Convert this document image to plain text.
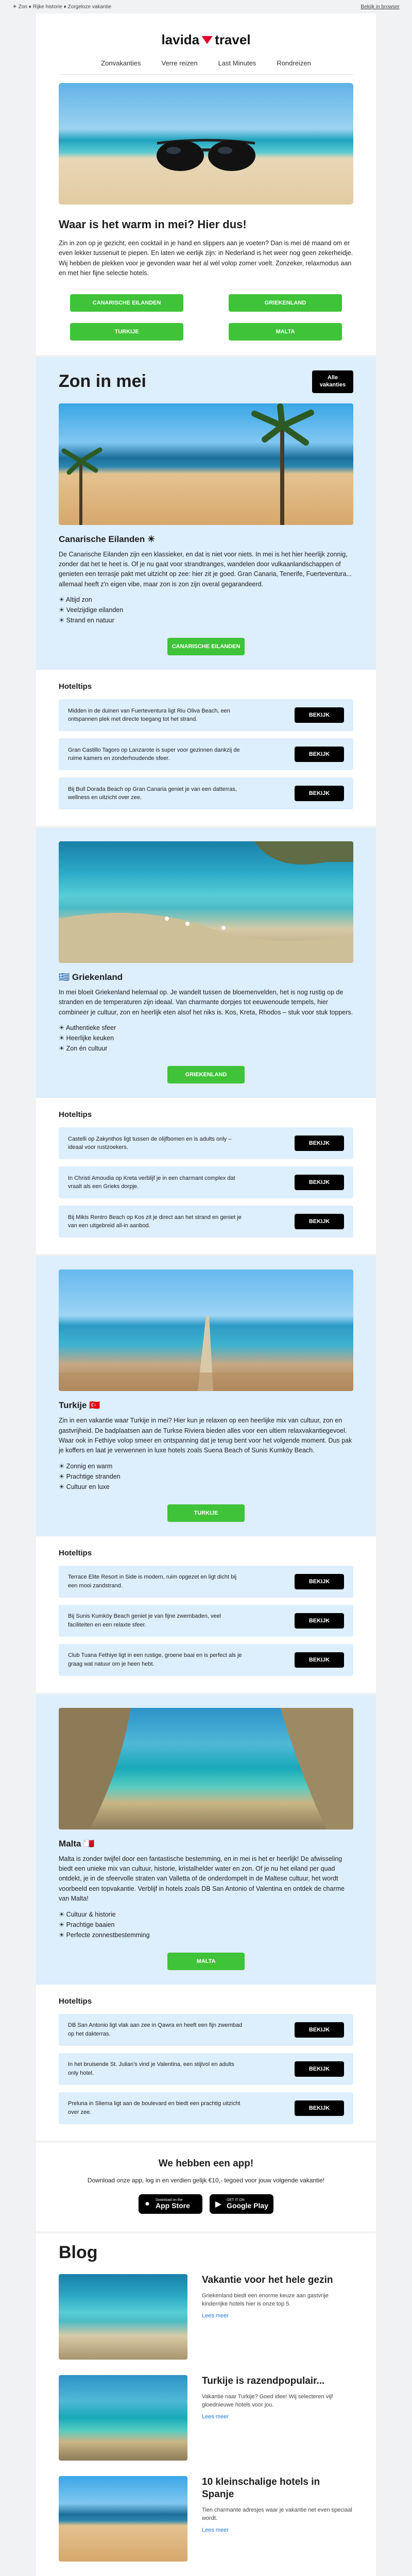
☀ Zon ♦ Rijke historie ♦ Zorgeloze vakantie	Bekijk in browser
lavida travel
Zonvakanties	Verre reizen	Last Minutes	Rondreizen
Waar is het warm in mei? Hier dus!

Zin in zon op je gezicht, een cocktail in je hand en slippers aan je voeten? Dan is mei dé maand om er even lekker tussenuit te piepen. En laten we eerlijk zijn: in Nederland is het weer nog geen zekerheidje. Wij hebben de plekken voor je gevonden waar het al wél volop zomer voelt. Zonzeker, relaxmodus aan en met hier fijne selectie hotels.

CANARISCHE EILANDEN	GRIEKENLAND
TURKIJE	MALTA
Zon in mei	Alle vakanties
Canarische Eilanden ☀

De Canarische Eilanden zijn een klassieker, en dat is niet voor niets. In mei is het hier heerlijk zonnig, zonder dat het te heet is. Of je nu gaat voor strandtranges, wandelen door vulkaanlandschappen of genieten een terrasje pakt met uitzicht op zee: hier zit je goed. Gran Canaria, Tenerife, Fuerteventura... allemaal heeft z'n eigen vibe, maar zon is zon zijn overal gegarandeerd.

☀ Altijd zon
☀ Veelzijdige eilanden
☀ Strand en natuur
CANARISCHE EILANDEN
Hoteltips

Midden in de duinen van Fuerteventura ligt Riu Oliva Beach, een ontspannen plek met directe toegang tot het strand.

BEKIJK

Gran Castillo Tagoro op Lanzarote is super voor gezinnen dankzij de ruime kamers en zonderhoudende sfeer.

BEKIJK

Bij Bull Dorada Beach op Gran Canaria geniet je van een datterras, wellness en uitzicht over zee.

BEKIJK
🇬🇷 Griekenland

In mei bloeit Griekenland helemaal op. Je wandelt tussen de bloemenvelden, het is nog rustig op de stranden en de temperaturen zijn ideaal. Van charmante dorpjes tot eeuwenoude tempels, hier combineer je cultuur, zon en heerlijk eten alsof het niks is. Kos, Kreta, Rhodos – stuk voor stuk toppers.

☀ Authentieke sfeer
☀ Heerlijke keuken
☀ Zon én cultuur
GRIEKENLAND
Hoteltips

Castelli op Zakynthos ligt tussen de olijfbomen en is adults only – ideaal voor rustzoekers.

BEKIJK

In Christi Amoudia op Kreta verblijf je in een charmant complex dat vraalt als een Grieks dorpje.

BEKIJK

Bij Mikis Rentro Beach op Kos zit je direct aan het strand en geniet je van een uitgebreid all-in aanbod.

BEKIJK
Turkije 🇹🇷

Zin in een vakantie waar Turkije in mei? Hier kun je relaxen op een heerlijke mix van cultuur, zon en gastvrijheid. De badplaatsen aan de Turkse Riviera bieden alles voor een ultiem relaxvakantiegevoel. Waar ook in Fethiye volop smeer en ontspanning dat je terug bent voor het volgende moment. Dus pak je koffers en laat je verwennen in luxe hotels zoals Suena Beach of Sunis Kumköy Beach.

☀ Zonnig en warm
☀ Prachtige stranden
☀ Cultuur en luxe
TURKIJE
Hoteltips

Terrace Elite Resort in Side is modern, ruim opgezet en ligt dicht bij een mooi zandstrand.

BEKIJK

Bij Sunis Kumköy Beach geniet je van fijne zwembaden, veel faciliteiten en een relaxte sfeer.

BEKIJK

Club Tuana Fethiye ligt in een rustige, groene baai en is perfect als je graag wat natuur om je heen hebt.

BEKIJK
Malta 🇲🇹

Malta is zonder twijfel door een fantastische bestemming, en in mei is het er heerlijk! De afwisseling biedt een unieke mix van cultuur, historie, kristalhelder water en zon. Of je nu het eiland per quad ontdekt, je in de sfeervolle straten van Valletta of de onderdompelt in de Maltese cultuur, het wordt voorbeeld een topvakantie. Verblijf in hotels zoals DB San Antonio of Valentina en ontdek de charme van Malta!

☀ Cultuur & historie
☀ Prachtige baaien
☀ Perfecte zonnestbestemming
MALTA
Hoteltips

DB San Antonio ligt vlak aan zee in Qawra en heeft een fijn zwembad op het dakterras.

BEKIJK

In het bruisende St. Julian's vind je Valentina, een stijlvol en adults only hotel.

BEKIJK

Preluna in Sliema ligt aan de boulevard en biedt een prachtig uitzicht over zee.

BEKIJK
We hebben een app!

Download onze app, log in en verdien gelijk €10,- tegoed voor jouw volgende vakantie!

●	Download on the
App Store	▶	GET IT ON
Google Play
Blog
Vakantie voor het hele gezin

Griekenland biedt een enorme keuze aan gastvrije kinderrijke hotels hier is onze top 5.

Lees meer
Turkije is razendpopulair...

Vakantie naar Turkije? Goed idee! Wij selecteren vijf gloednieuwe hotels voor jou.

Lees meer
10 kleinschalige hotels in Spanje

Tien charmante adresjes waar je vakantie net even speciaal wordt.

Lees meer
